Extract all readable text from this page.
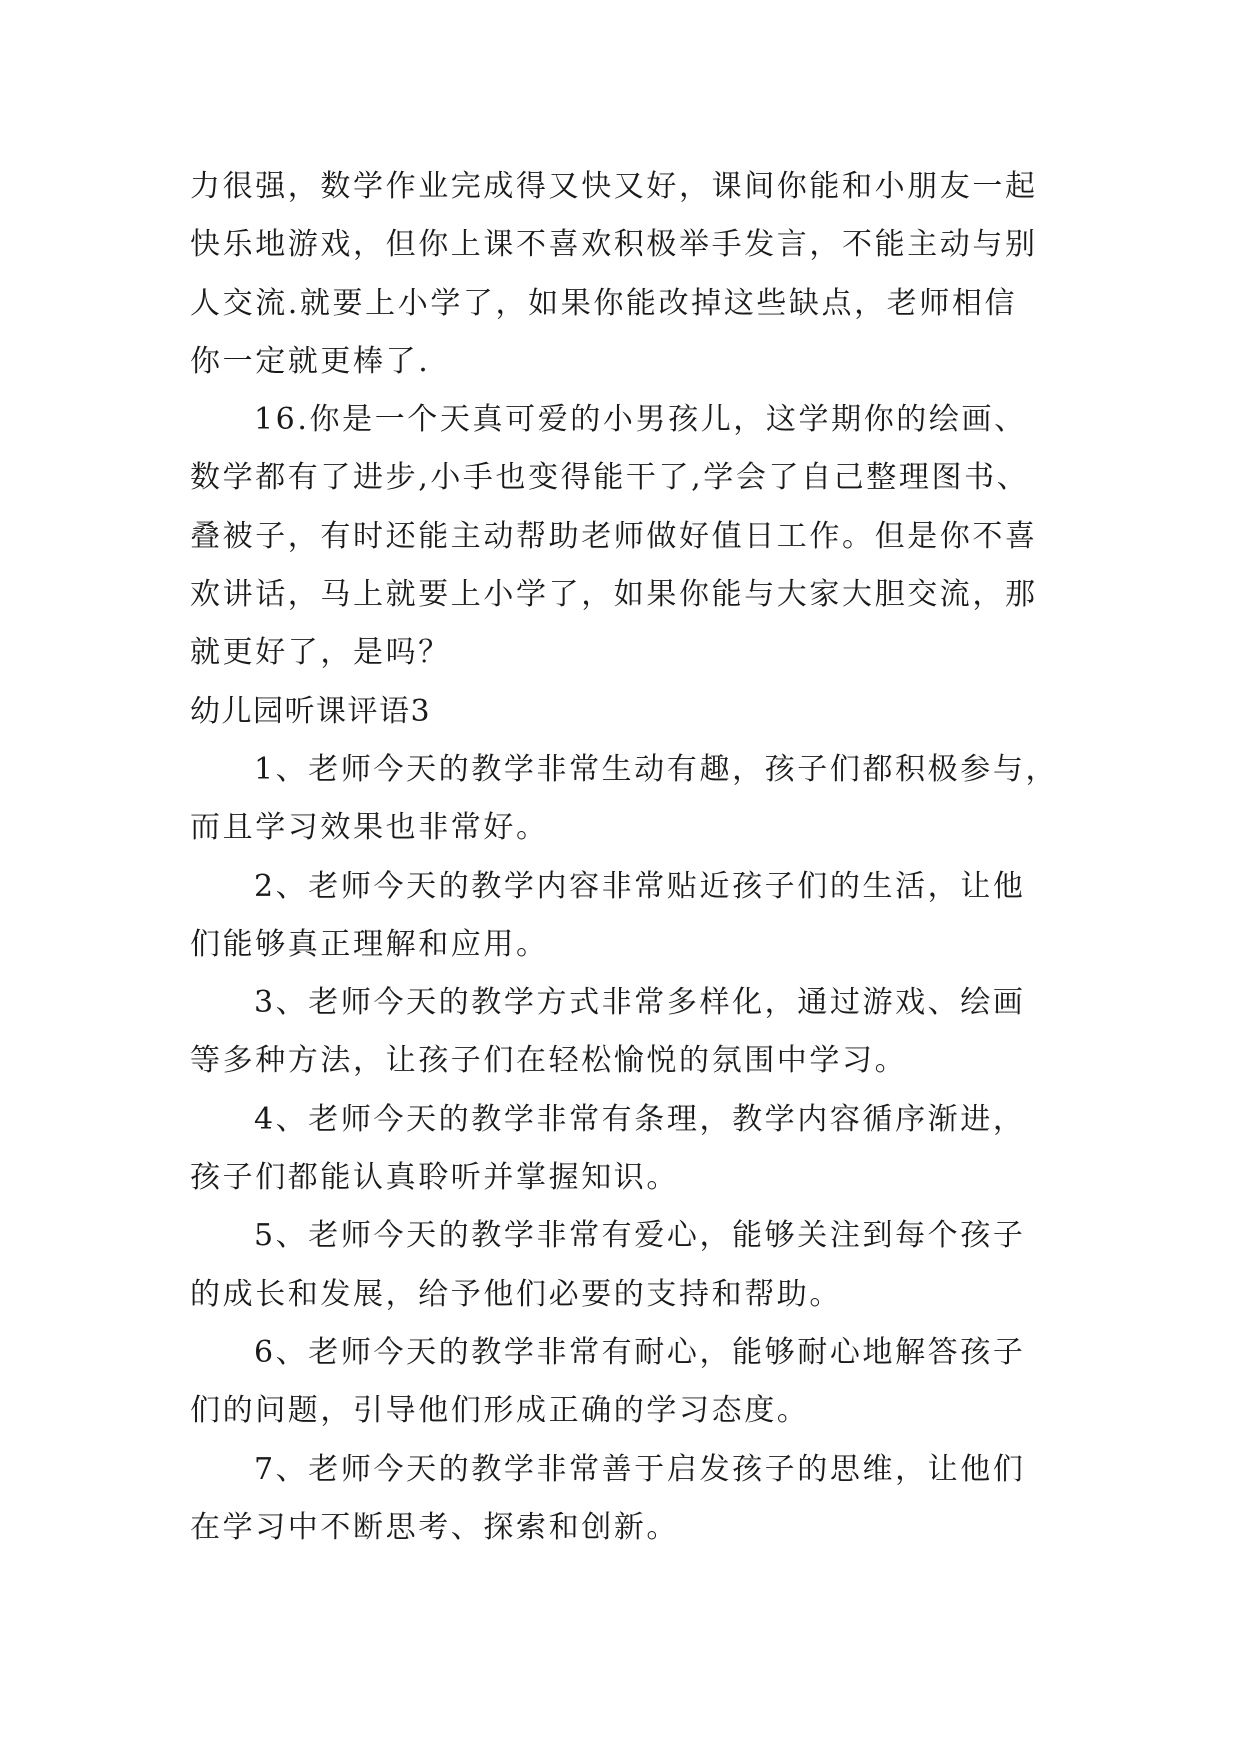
力很强，数学作业完成得又快又好，课间你能和小朋友一起
快乐地游戏，但你上课不喜欢积极举手发言，不能主动与别
人交流.就要上小学了，如果你能改掉这些缺点，老师相信
你一定就更棒了.
16.你是一个天真可爱的小男孩儿，这学期你的绘画、
数学都有了进步,小手也变得能干了,学会了自己整理图书、
叠被子，有时还能主动帮助老师做好值日工作。但是你不喜
欢讲话，马上就要上小学了，如果你能与大家大胆交流，那
就更好了，是吗？
幼儿园听课评语3
1、老师今天的教学非常生动有趣，孩子们都积极参与，
而且学习效果也非常好。
2、老师今天的教学内容非常贴近孩子们的生活，让他
们能够真正理解和应用。
3、老师今天的教学方式非常多样化，通过游戏、绘画
等多种方法，让孩子们在轻松愉悦的氛围中学习。
4、老师今天的教学非常有条理，教学内容循序渐进，
孩子们都能认真聆听并掌握知识。
5、老师今天的教学非常有爱心，能够关注到每个孩子
的成长和发展，给予他们必要的支持和帮助。
6、老师今天的教学非常有耐心，能够耐心地解答孩子
们的问题，引导他们形成正确的学习态度。
7、老师今天的教学非常善于启发孩子的思维，让他们
在学习中不断思考、探索和创新。
